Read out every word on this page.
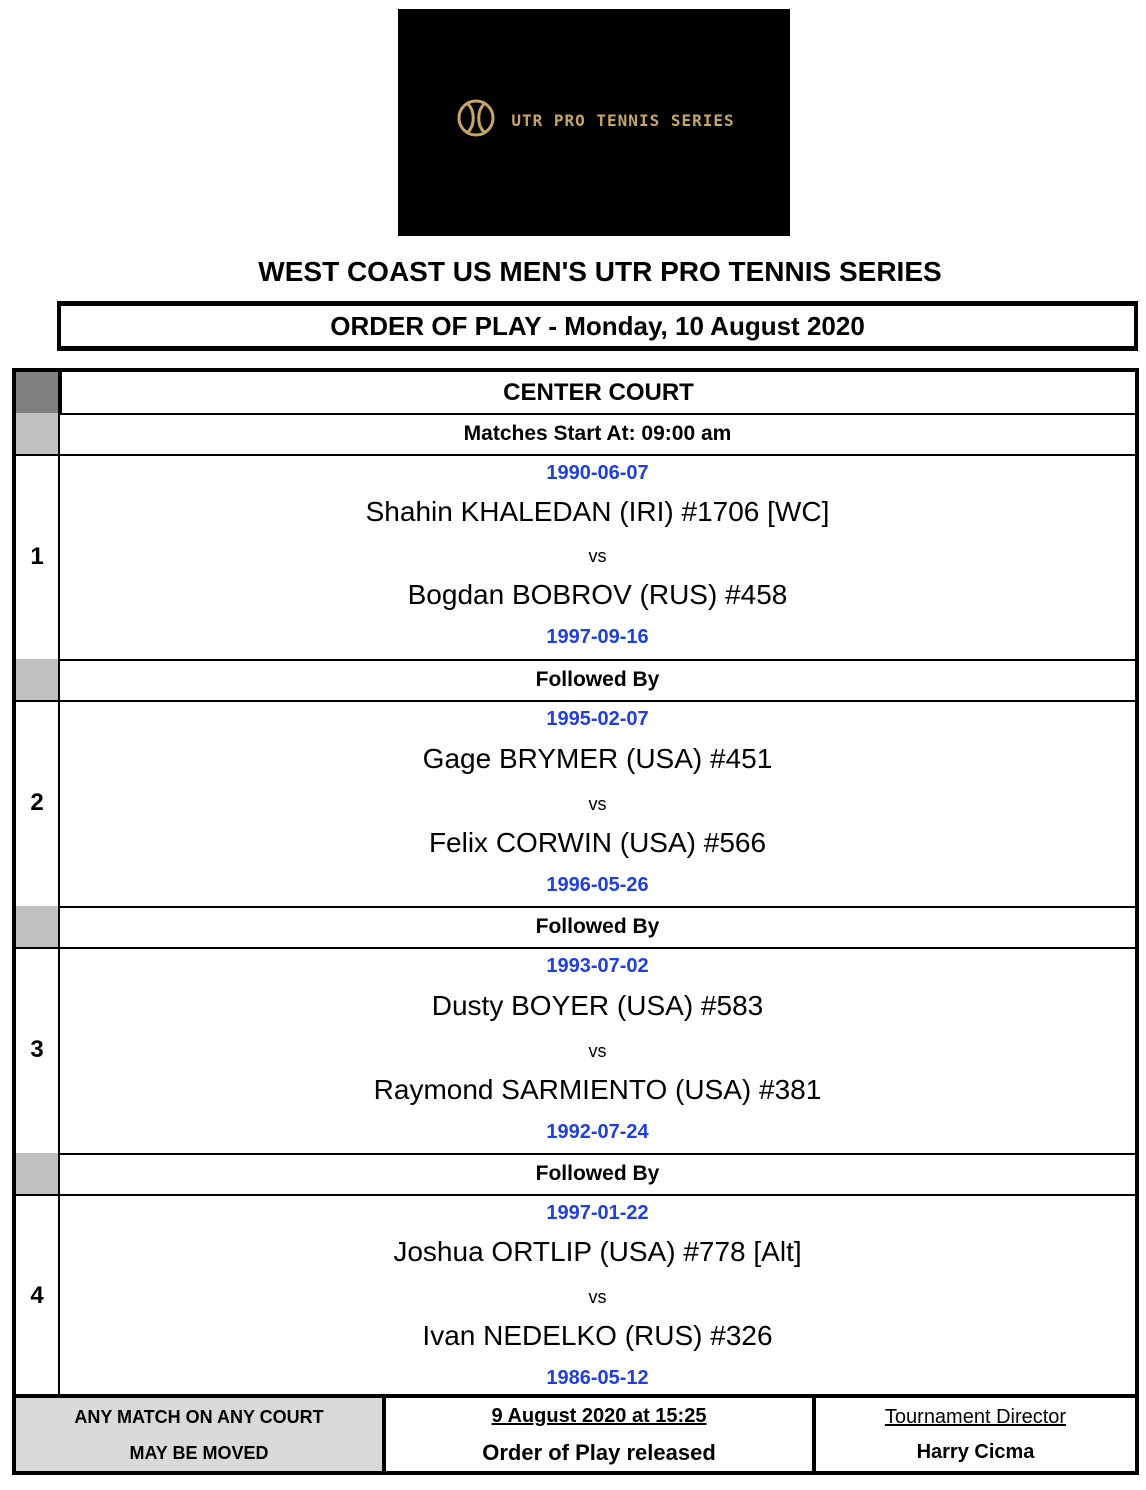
UTR PRO TENNIS SERIES
WEST COAST US MEN'S UTR PRO TENNIS SERIES
ORDER OF PLAY - Monday, 10 August 2020
CENTER COURT
Matches Start At: 09:00 am
1
1990-06-07
Shahin KHALEDAN (IRI) #1706 [WC]
vs
Bogdan BOBROV (RUS) #458
1997-09-16
Followed By
2
1995-02-07
Gage BRYMER (USA) #451
vs
Felix CORWIN (USA) #566
1996-05-26
Followed By
3
1993-07-02
Dusty BOYER (USA) #583
vs
Raymond SARMIENTO (USA) #381
1992-07-24
Followed By
4
1997-01-22
Joshua ORTLIP (USA) #778 [Alt]
vs
Ivan NEDELKO (RUS) #326
1986-05-12
ANY MATCH ON ANY COURT
MAY BE MOVED
9 August 2020 at 15:25
Order of Play released
Tournament Director
Harry Cicma
